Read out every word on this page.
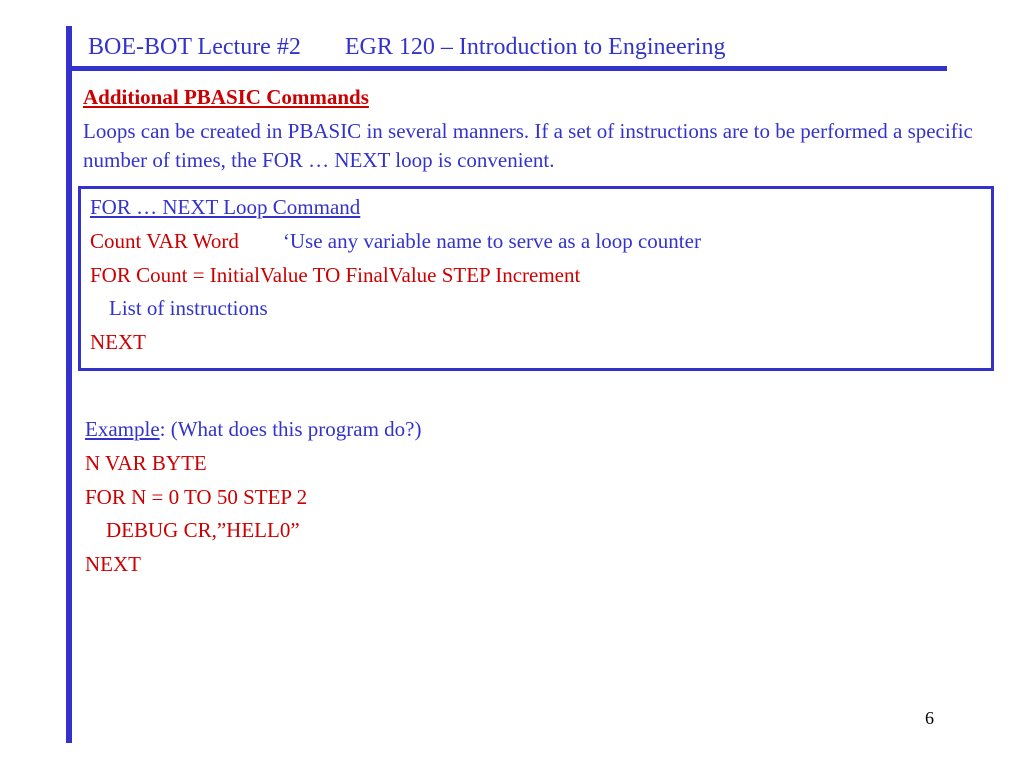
BOE-BOT Lecture #2 EGR 120 – Introduction to Engineering
Additional PBASIC Commands
Loops can be created in PBASIC in several manners. If a set of instructions are to be performed a specific number of times, the FOR … NEXT loop is convenient.
FOR … NEXT Loop Command
Count VAR Word ‘Use any variable name to serve as a loop counter
FOR Count = InitialValue TO FinalValue STEP Increment
List of instructions
NEXT
Example: (What does this program do?)
N VAR BYTE
FOR N = 0 TO 50 STEP 2
DEBUG CR,”HELL0”
NEXT
6
